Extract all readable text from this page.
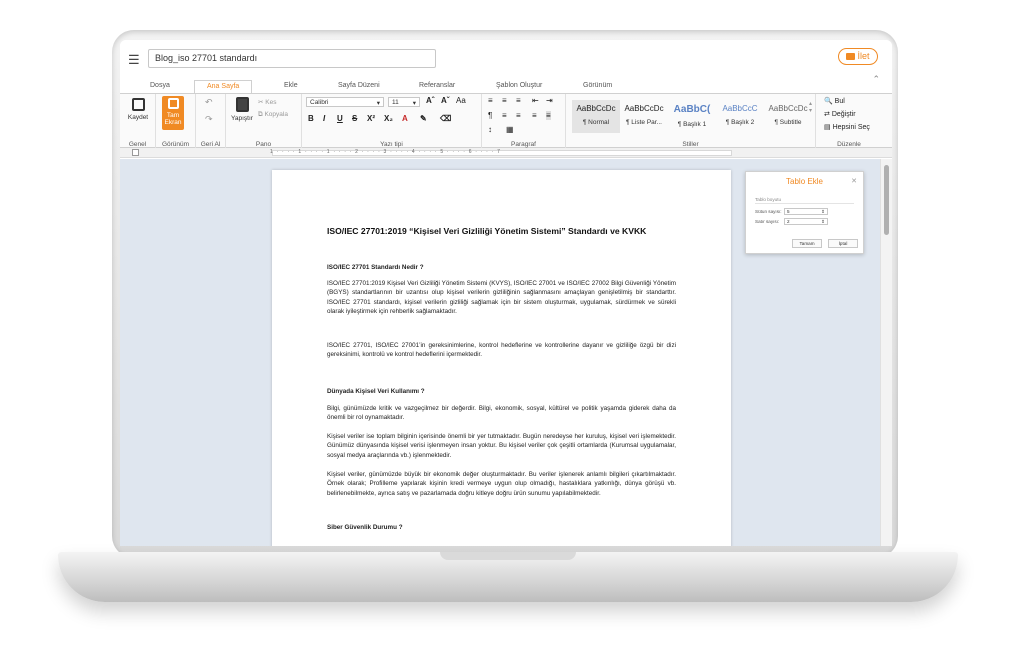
☰	Blog_iso 27701 standardı	İlet
Dosya	Ana Sayfa	Ekle	Sayfa Düzeni	Referanslar	Şablon Oluştur	Görünüm
⌃
Kaydet
Genel
Tam
Ekran
Görünüm
↶
↷
Geri Al
Yapıştır
✂ Kes
⧉ Kopyala
Pano
Calibri	▾	11 ▾ Aˆ Aˇ Aa
B I U S X² X₂ A ✎ ⌫
Yazı tipi
≡ ≡ ≡ ⇤ ⇥
¶ ≡ ≡ ≡ ≡
↕ ▦
Paragraf
AaBbCcDc
¶ Normal
AaBbCcDc
¶ Liste Par...
AaBbC(
¶ Başlık 1
AaBbCcC
¶ Başlık 2
AaBbCcDc
¶ Subtitle
▴
▾
Stiller
🔍 Bul
⇄ Değiştir
▤ Hepsini Seç
Düzenle
1 · · · · 1 · · · · 1 · · · · 2 · · · · 3 · · · · 4 · · · · 5 · · · · 6 · · · · 7
ISO/IEC 27701:2019 “Kişisel Veri Gizliliği Yönetim Sistemi” Standardı ve KVKK
ISO/IEC 27701 Standardı Nedir ?
ISO/IEC 27701:2019 Kişisel Veri Gizliliği Yönetim Sistemi (KVYS), ISO/IEC 27001 ve ISO/IEC 27002 Bilgi Güvenliği Yönetim (BGYS) standartlarının bir uzantısı olup kişisel verilerin gizliliğinin sağlanmasını amaçlayan genişletilmiş bir standarttır. ISO/IEC 27701 standardı, kişisel verilerin gizliliği sağlamak için bir sistem oluşturmak, uygulamak, sürdürmek ve sürekli olarak iyileştirmek için rehberlik sağlamaktadır.
ISO/IEC 27701, ISO/IEC 27001’in gereksinimlerine, kontrol hedeflerine ve kontrollerine dayanır ve gizliliğe özgü bir dizi gereksinimi, kontrolü ve kontrol hedeflerini içermektedir.
Dünyada Kişisel Veri Kullanımı ?
Bilgi, günümüzde kritik ve vazgeçilmez bir değerdir. Bilgi, ekonomik, sosyal, kültürel ve politik yaşamda giderek daha da önemli bir rol oynamaktadır.
Kişisel veriler ise toplam bilginin içerisinde önemli bir yer tutmaktadır. Bugün neredeyse her kuruluş, kişisel veri işlemektedir. Günümüz dünyasında kişisel verisi işlenmeyen insan yoktur. Bu kişisel veriler çok çeşitli ortamlarda (Kurumsal uygulamalar, sosyal medya araçlarında vb.) işlenmektedir.
Kişisel veriler, günümüzde büyük bir ekonomik değer oluşturmaktadır. Bu veriler işlenerek anlamlı bilgileri çıkartılmaktadır. Örnek olarak; Profilleme yapılarak kişinin kredi vermeye uygun olup olmadığı, hastalıklara yatkınlığı, dünya görüşü vb. belirlenebilmekte, ayrıca satış ve pazarlamada doğru kitleye doğru ürün sunumu yapılabilmektedir.
Siber Güvenlik Durumu ?
Tablo Ekle	✕
Tablo boyutu
Sütun sayısı:	5	⇕
Satır sayısı:	2	⇕
Tamam	İptal
